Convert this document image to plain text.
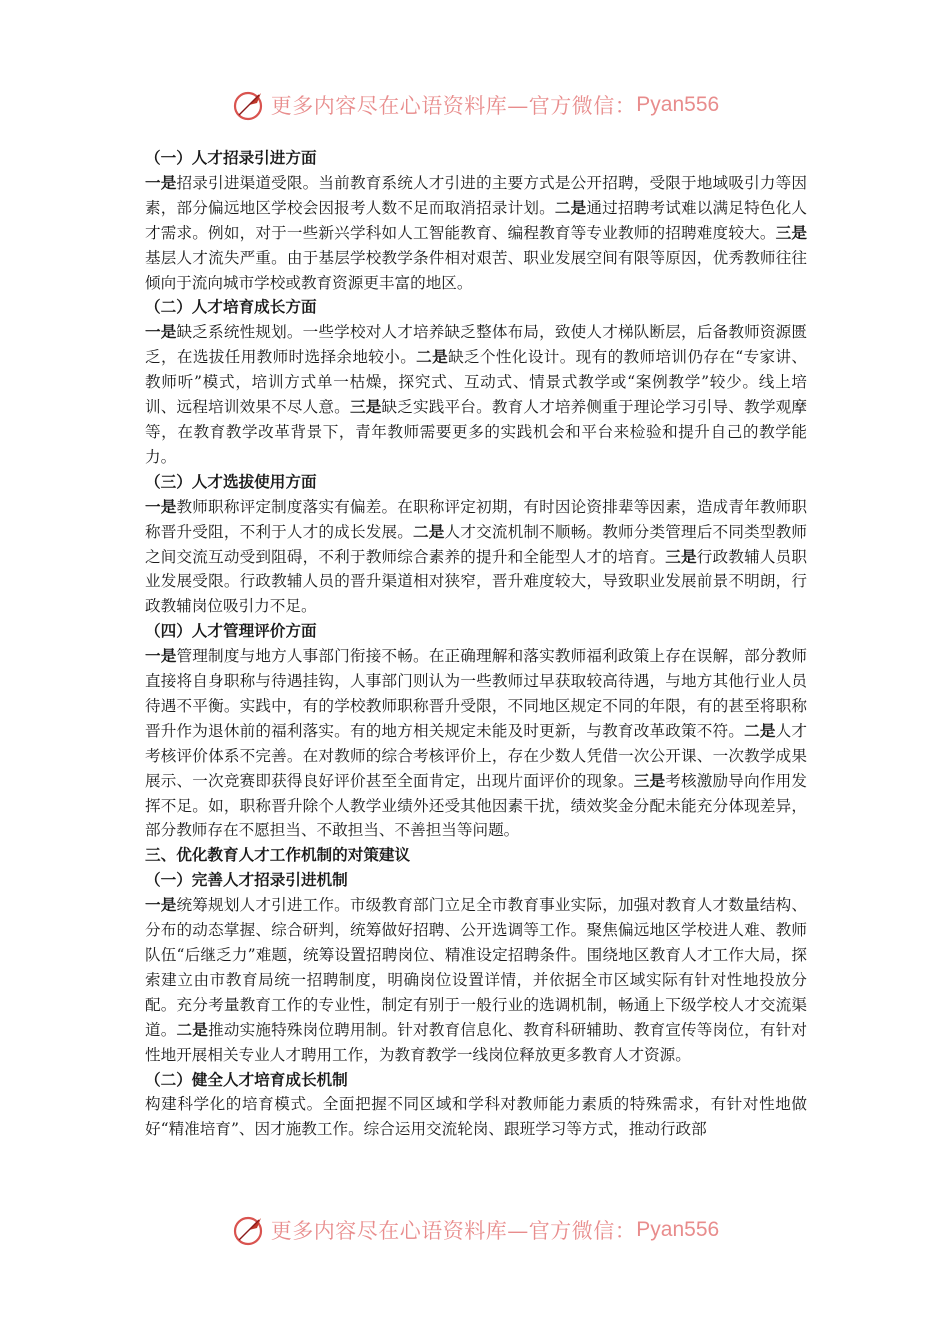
更多内容尽在心语资料库—官方微信： Pyan556

（一）人才招录引进方面

一是招录引进渠道受限。当前教育系统人才引进的主要方式是公开招聘，受限于地域吸引力等因素，部分偏远地区学校会因报考人数不足而取消招录计划。二是通过招聘考试难以满足特色化人才需求。例如，对于一些新兴学科如人工智能教育、编程教育等专业教师的招聘难度较大。三是基层人才流失严重。由于基层学校教学条件相对艰苦、职业发展空间有限等原因，优秀教师往往倾向于流向城市学校或教育资源更丰富的地区。

（二）人才培育成长方面

一是缺乏系统性规划。一些学校对人才培养缺乏整体布局，致使人才梯队断层，后备教师资源匮乏，在选拔任用教师时选择余地较小。二是缺乏个性化设计。现有的教师培训仍存在“专家讲、教师听”模式，培训方式单一枯燥，探究式、互动式、情景式教学或“案例教学”较少。线上培训、远程培训效果不尽人意。三是缺乏实践平台。教育人才培养侧重于理论学习引导、教学观摩等，在教育教学改革背景下，青年教师需要更多的实践机会和平台来检验和提升自己的教学能力。

（三）人才选拔使用方面

一是教师职称评定制度落实有偏差。在职称评定初期，有时因论资排辈等因素，造成青年教师职称晋升受阻，不利于人才的成长发展。二是人才交流机制不顺畅。教师分类管理后不同类型教师之间交流互动受到阻碍，不利于教师综合素养的提升和全能型人才的培育。三是行政教辅人员职业发展受限。行政教辅人员的晋升渠道相对狭窄，晋升难度较大，导致职业发展前景不明朗，行政教辅岗位吸引力不足。

（四）人才管理评价方面

一是管理制度与地方人事部门衔接不畅。在正确理解和落实教师福利政策上存在误解，部分教师直接将自身职称与待遇挂钩，人事部门则认为一些教师过早获取较高待遇，与地方其他行业人员待遇不平衡。实践中，有的学校教师职称晋升受限，不同地区规定不同的年限，有的甚至将职称晋升作为退休前的福利落实。有的地方相关规定未能及时更新，与教育改革政策不符。二是人才考核评价体系不完善。在对教师的综合考核评价上，存在少数人凭借一次公开课、一次教学成果展示、一次竞赛即获得良好评价甚至全面肯定，出现片面评价的现象。三是考核激励导向作用发挥不足。如，职称晋升除个人教学业绩外还受其他因素干扰，绩效奖金分配未能充分体现差异，部分教师存在不愿担当、不敢担当、不善担当等问题。

三、优化教育人才工作机制的对策建议

（一）完善人才招录引进机制

一是统筹规划人才引进工作。市级教育部门立足全市教育事业实际，加强对教育人才数量结构、分布的动态掌握、综合研判，统筹做好招聘、公开选调等工作。聚焦偏远地区学校进人难、教师队伍“后继乏力”难题，统筹设置招聘岗位、精准设定招聘条件。围绕地区教育人才工作大局，探索建立由市教育局统一招聘制度，明确岗位设置详情，并依据全市区域实际有针对性地投放分配。充分考量教育工作的专业性，制定有别于一般行业的选调机制，畅通上下级学校人才交流渠道。二是推动实施特殊岗位聘用制。针对教育信息化、教育科研辅助、教育宣传等岗位，有针对性地开展相关专业人才聘用工作，为教育教学一线岗位释放更多教育人才资源。

（二）健全人才培育成长机制

构建科学化的培育模式。全面把握不同区域和学科对教师能力素质的特殊需求，有针对性地做好“精准培育”、因才施教工作。综合运用交流轮岗、跟班学习等方式，推动行政部

更多内容尽在心语资料库—官方微信： Pyan556
